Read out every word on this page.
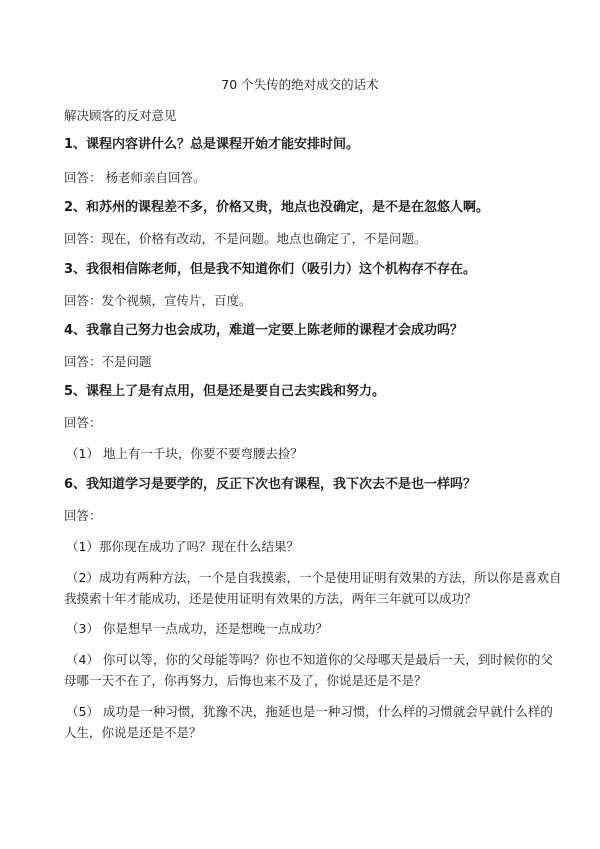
70 个失传的绝对成交的话术
解决顾客的反对意见
1、课程内容讲什么？总是课程开始才能安排时间。
回答： 杨老师亲自回答。
2、和苏州的课程差不多，价格又贵，地点也没确定，是不是在忽悠人啊。
回答：现在，价格有改动，不是问题。地点也确定了，不是问题。
3、我很相信陈老师，但是我不知道你们（吸引力）这个机构存不存在。
回答：发个视频，宣传片，百度。
4、我靠自己努力也会成功，难道一定要上陈老师的课程才会成功吗？
回答：不是问题
5、课程上了是有点用，但是还是要自己去实践和努力。
回答：
（1） 地上有一千块，你要不要弯腰去捡？
6、我知道学习是要学的，反正下次也有课程，我下次去不是也一样吗？
回答：
（1）那你现在成功了吗？现在什么结果？
（2）成功有两种方法，一个是自我摸索，一个是使用证明有效果的方法，所以你是喜欢自
我摸索十年才能成功，还是使用证明有效果的方法，两年三年就可以成功？
（3） 你是想早一点成功，还是想晚一点成功？
（4） 你可以等，你的父母能等吗？你也不知道你的父母哪天是最后一天，到时候你的父
母哪一天不在了，你再努力，后悔也来不及了，你说是还是不是？
（5） 成功是一种习惯，犹豫不决，拖延也是一种习惯，什么样的习惯就会早就什么样的
人生，你说是还是不是？
